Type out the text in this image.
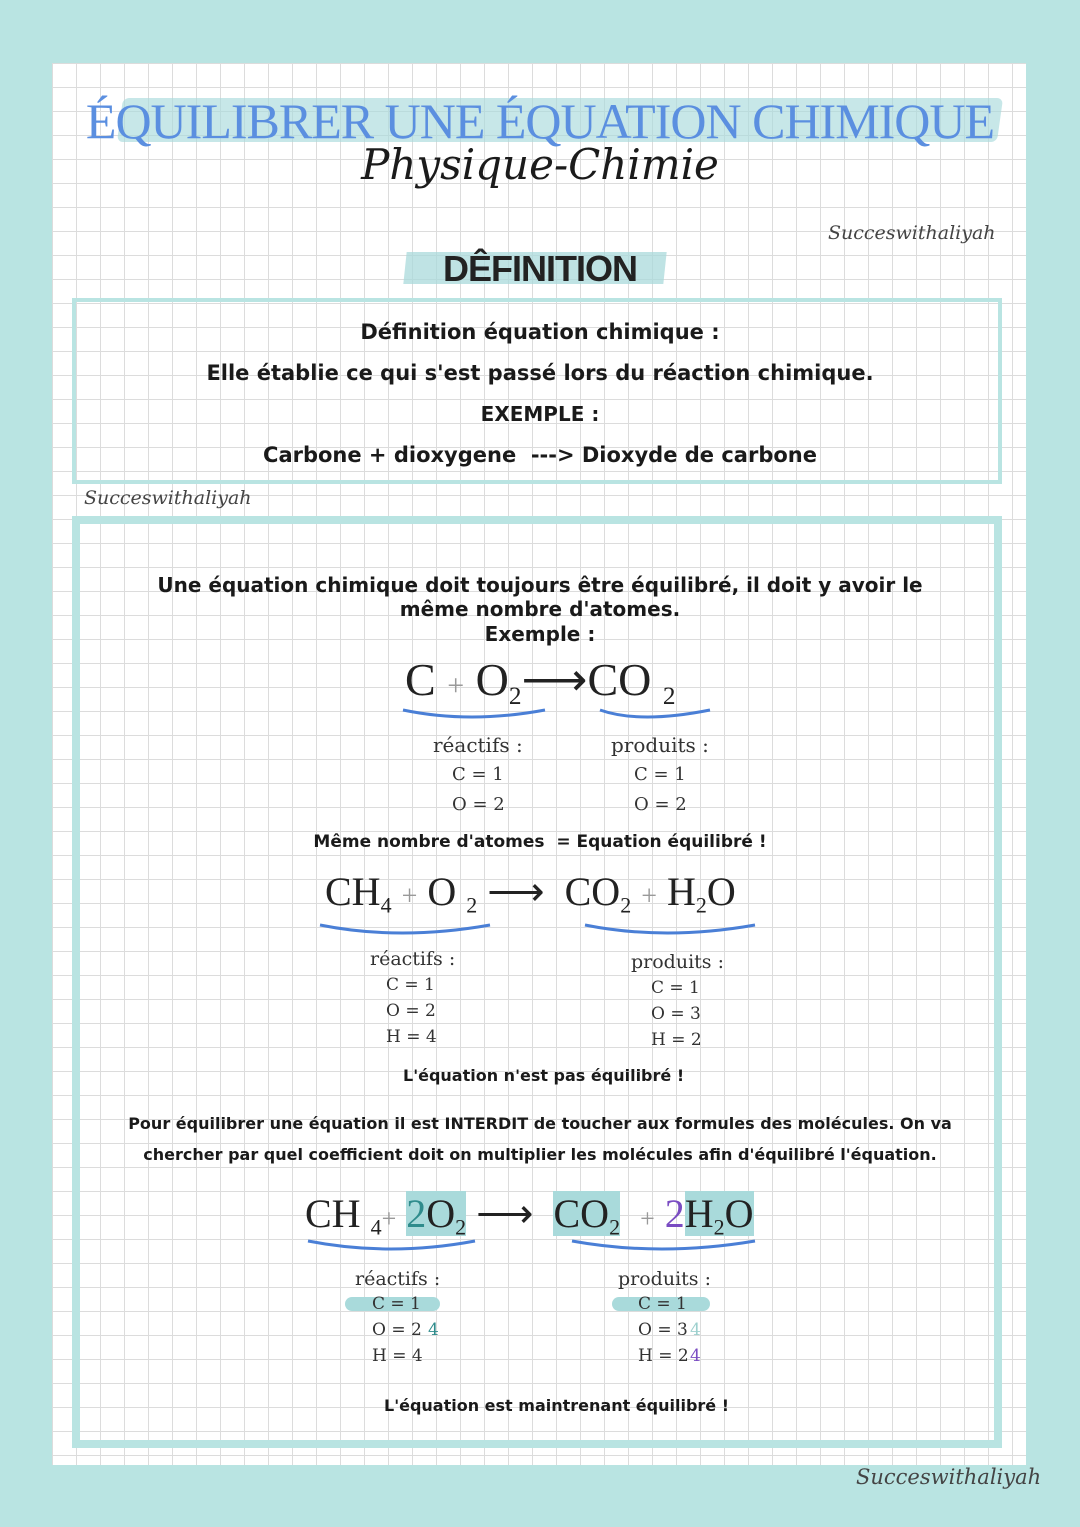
ÉQUILIBRER UNE ÉQUATION CHIMIQUE
Physique-Chimie
Succeswithaliyah
DÊFINITION
Définition équation chimique :
Elle établie ce qui s'est passé lors du réaction chimique.
EXEMPLE :
Carbone + dioxygene  ---> Dioxyde de carbone
Succeswithaliyah
Une équation chimique doit toujours être équilibré, il doit y avoir le
même nombre d'atomes.
Exemple :
$C + O_2⟶CO$ $_2$
réactifs :
C = 1
O = 2
produits :
C = 1
O = 2
Même nombre d'atomes  = Equation équilibré !
$CH_4 + O$ $_2$ ⟶  $CO_2 + H_2O$
réactifs :
C = 1
O = 2
H = 4
produits :
C = 1
O = 3
H = 2
L'équation n'est pas équilibré !
Pour équilibrer une équation il est INTERDIT de toucher aux formules des molécules. On va
chercher par quel coefficient doit on multiplier les molécules afin d'équilibré l'équation.
CH $_4+ 2O_2$ ⟶  $CO_2 + 2H_2O$
réactifs :
C = 1
O = 2 4
H = 4
produits :
C = 1
O = 3 4
H = 2 4
L'équation est maintrenant équilibré !
Succeswithaliyah
